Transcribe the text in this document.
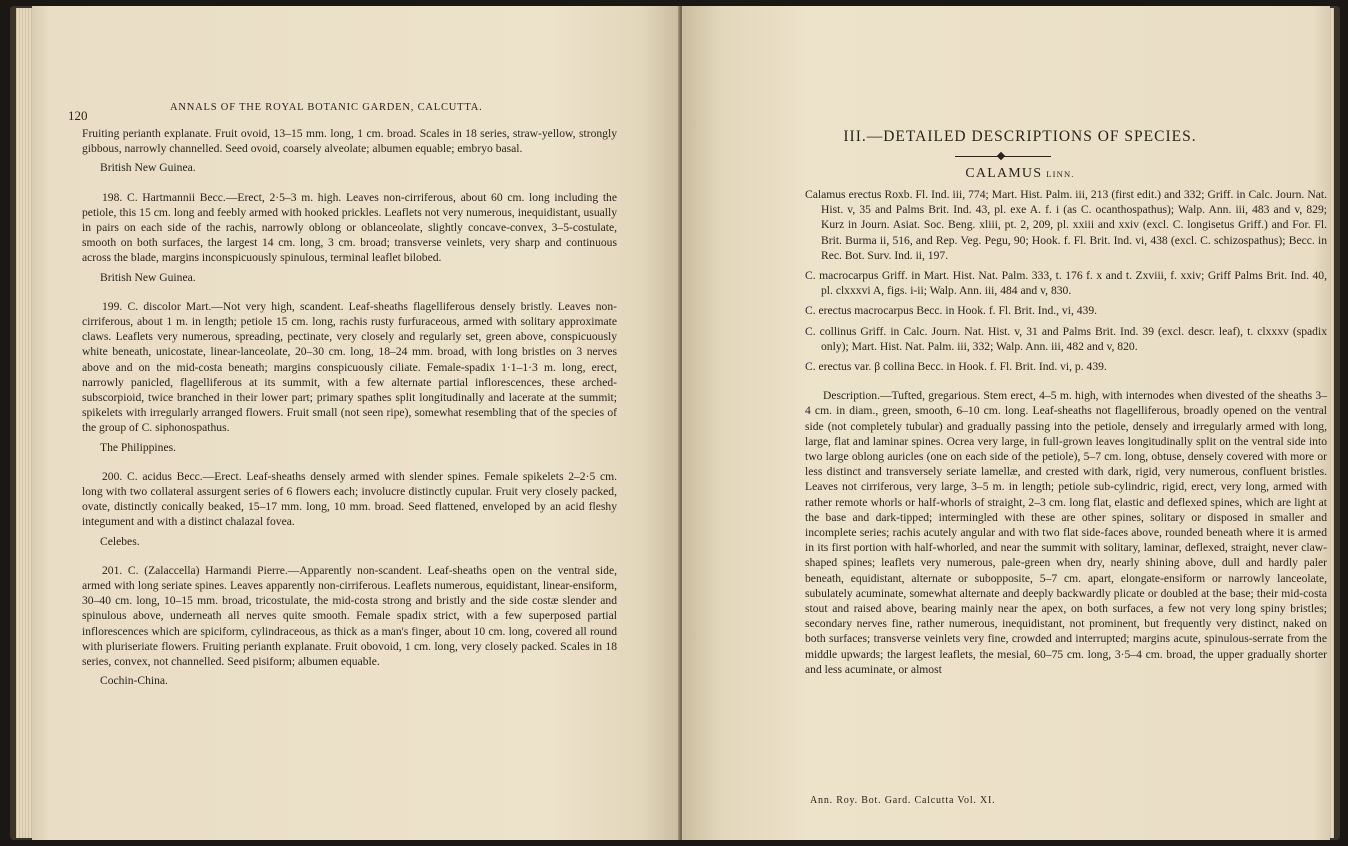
120
ANNALS OF THE ROYAL BOTANIC GARDEN, CALCUTTA.

Fruiting perianth explanate. Fruit ovoid, 13–15 mm. long, 1 cm. broad. Scales in 18 series, straw-yellow, strongly gibbous, narrowly channelled. Seed ovoid, coarsely alveolate; albumen equable; embryo basal.

British New Guinea.

198. C. Hartmannii Becc.—Erect, 2·5–3 m. high. Leaves non-cirriferous, about 60 cm. long including the petiole, this 15 cm. long and feebly armed with hooked prickles. Leaflets not very numerous, inequidistant, usually in pairs on each side of the rachis, narrowly oblong or oblanceolate, slightly concave-convex, 3–5-costulate, smooth on both surfaces, the largest 14 cm. long, 3 cm. broad; transverse veinlets, very sharp and continuous across the blade, margins inconspicuously spinulous, terminal leaflet bilobed.

British New Guinea.

199. C. discolor Mart.—Not very high, scandent. Leaf-sheaths flagelliferous densely bristly. Leaves non-cirriferous, about 1 m. in length; petiole 15 cm. long, rachis rusty furfuraceous, armed with solitary approximate claws. Leaflets very numerous, spreading, pectinate, very closely and regularly set, green above, conspicuously white beneath, unicostate, linear-lanceolate, 20–30 cm. long, 18–24 mm. broad, with long bristles on 3 nerves above and on the mid-costa beneath; margins conspicuously ciliate. Female-spadix 1·1–1·3 m. long, erect, narrowly panicled, flagelliferous at its summit, with a few alternate partial inflorescences, these arched-subscorpioid, twice branched in their lower part; primary spathes split longitudinally and lacerate at the summit; spikelets with irregularly arranged flowers. Fruit small (not seen ripe), somewhat resembling that of the species of the group of C. siphonospathus.

The Philippines.

200. C. acidus Becc.—Erect. Leaf-sheaths densely armed with slender spines. Female spikelets 2–2·5 cm. long with two collateral assurgent series of 6 flowers each; involucre distinctly cupular. Fruit very closely packed, ovate, distinctly conically beaked, 15–17 mm. long, 10 mm. broad. Seed flattened, enveloped by an acid fleshy integument and with a distinct chalazal fovea.

Celebes.

201. C. (Zalaccella) Harmandi Pierre.—Apparently non-scandent. Leaf-sheaths open on the ventral side, armed with long seriate spines. Leaves apparently non-cirriferous. Leaflets numerous, equidistant, linear-ensiform, 30–40 cm. long, 10–15 mm. broad, tricostulate, the mid-costa strong and bristly and the side costæ slender and spinulous above, underneath all nerves quite smooth. Female spadix strict, with a few superposed partial inflorescences which are spiciform, cylindraceous, as thick as a man's finger, about 10 cm. long, covered all round with pluriseriate flowers. Fruiting perianth explanate. Fruit obovoid, 1 cm. long, very closely packed. Scales in 18 series, convex, not channelled. Seed pisiform; albumen equable.

Cochin-China.

III.—DETAILED DESCRIPTIONS OF SPECIES.
CALAMUS LINN.

Calamus erectus Roxb. Fl. Ind. iii, 774; Mart. Hist. Palm. iii, 213 (first edit.) and 332; Griff. in Calc. Journ. Nat. Hist. v, 35 and Palms Brit. Ind. 43, pl. exe A. f. i (as C. ocanthospathus); Walp. Ann. iii, 483 and v, 829; Kurz in Journ. Asiat. Soc. Beng. xliii, pt. 2, 209, pl. xxiii and xxiv (excl. C. longisetus Griff.) and For. Fl. Brit. Burma ii, 516, and Rep. Veg. Pegu, 90; Hook. f. Fl. Brit. Ind. vi, 438 (excl. C. schizospathus); Becc. in Rec. Bot. Surv. Ind. ii, 197.

C. macrocarpus Griff. in Mart. Hist. Nat. Palm. 333, t. 176 f. x and t. Zxviii, f. xxiv; Griff Palms Brit. Ind. 40, pl. clxxxvi A, figs. i-ii; Walp. Ann. iii, 484 and v, 830.

C. erectus macrocarpus Becc. in Hook. f. Fl. Brit. Ind., vi, 439.

C. collinus Griff. in Calc. Journ. Nat. Hist. v, 31 and Palms Brit. Ind. 39 (excl. descr. leaf), t. clxxxv (spadix only); Mart. Hist. Nat. Palm. iii, 332; Walp. Ann. iii, 482 and v, 820.

C. erectus var. β collina Becc. in Hook. f. Fl. Brit. Ind. vi, p. 439.

Description.—Tufted, gregarious. Stem erect, 4–5 m. high, with internodes when divested of the sheaths 3–4 cm. in diam., green, smooth, 6–10 cm. long. Leaf-sheaths not flagelliferous, broadly opened on the ventral side (not completely tubular) and gradually passing into the petiole, densely and irregularly armed with long, large, flat and laminar spines. Ocrea very large, in full-grown leaves longitudinally split on the ventral side into two large oblong auricles (one on each side of the petiole), 5–7 cm. long, obtuse, densely covered with more or less distinct and transversely seriate lamellæ, and crested with dark, rigid, very numerous, confluent bristles. Leaves not cirriferous, very large, 3–5 m. in length; petiole sub-cylindric, rigid, erect, very long, armed with rather remote whorls or half-whorls of straight, 2–3 cm. long flat, elastic and deflexed spines, which are light at the base and dark-tipped; intermingled with these are other spines, solitary or disposed in smaller and incomplete series; rachis acutely angular and with two flat side-faces above, rounded beneath where it is armed in its first portion with half-whorled, and near the summit with solitary, laminar, deflexed, straight, never claw-shaped spines; leaflets very numerous, pale-green when dry, nearly shining above, dull and hardly paler beneath, equidistant, alternate or subopposite, 5–7 cm. apart, elongate-ensiform or narrowly lanceolate, subulately acuminate, somewhat alternate and deeply backwardly plicate or doubled at the base; their mid-costa stout and raised above, bearing mainly near the apex, on both surfaces, a few not very long spiny bristles; secondary nerves fine, rather numerous, inequidistant, not prominent, but frequently very distinct, naked on both surfaces; transverse veinlets very fine, crowded and interrupted; margins acute, spinulous-serrate from the middle upwards; the largest leaflets, the mesial, 60–75 cm. long, 3·5–4 cm. broad, the upper gradually shorter and less acuminate, or almost

Ann. Roy. Bot. Gard. Calcutta Vol. XI.
